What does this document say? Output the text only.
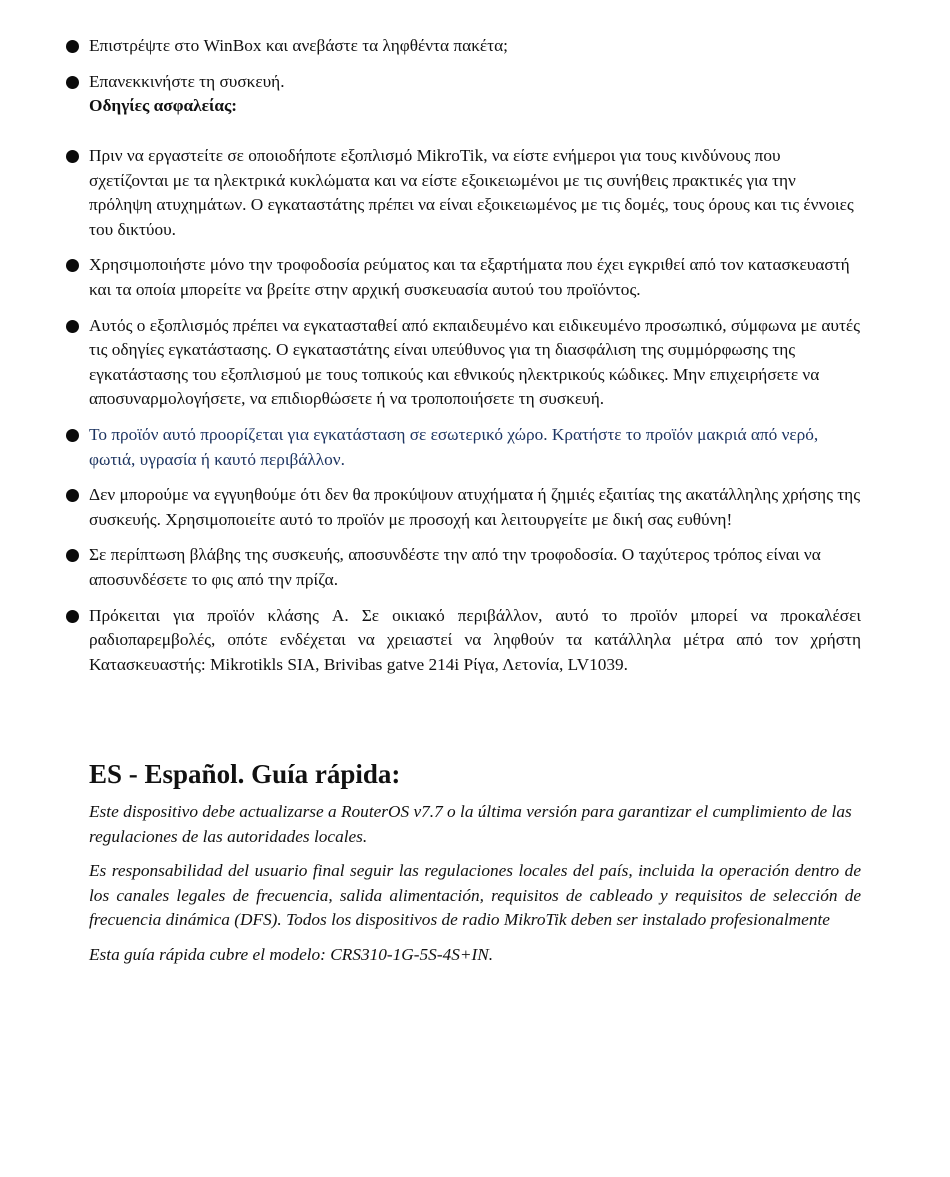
Επιστρέψτε στο WinBox και ανεβάστε τα ληφθέντα πακέτα;
Επανεκκινήστε τη συσκευή.
Οδηγίες ασφαλείας:
Πριν να εργαστείτε σε οποιοδήποτε εξοπλισμό MikroTik, να είστε ενήμεροι για τους κινδύνους που σχετίζονται με τα ηλεκτρικά κυκλώματα και να είστε εξοικειωμένοι με τις συνήθεις πρακτικές για την πρόληψη ατυχημάτων. Ο εγκαταστάτης πρέπει να είναι εξοικειωμένος με τις δομές, τους όρους και τις έννοιες του δικτύου.
Χρησιμοποιήστε μόνο την τροφοδοσία ρεύματος και τα εξαρτήματα που έχει εγκριθεί από τον κατασκευαστή και τα οποία μπορείτε να βρείτε στην αρχική συσκευασία αυτού του προϊόντος.
Αυτός ο εξοπλισμός πρέπει να εγκατασταθεί από εκπαιδευμένο και ειδικευμένο προσωπικό, σύμφωνα με αυτές τις οδηγίες εγκατάστασης. Ο εγκαταστάτης είναι υπεύθυνος για τη διασφάλιση της συμμόρφωσης της εγκατάστασης του εξοπλισμού με τους τοπικούς και εθνικούς ηλεκτρικούς κώδικες. Μην επιχειρήσετε να αποσυναρμολογήσετε, να επιδιορθώσετε ή να τροποποιήσετε τη συσκευή.
Το προϊόν αυτό προορίζεται για εγκατάσταση σε εσωτερικό χώρο. Κρατήστε το προϊόν μακριά από νερό, φωτιά, υγρασία ή καυτό περιβάλλον.
Δεν μπορούμε να εγγυηθούμε ότι δεν θα προκύψουν ατυχήματα ή ζημιές εξαιτίας της ακατάλληλης χρήσης της συσκευής. Χρησιμοποιείτε αυτό το προϊόν με προσοχή και λειτουργείτε με δική σας ευθύνη!
Σε περίπτωση βλάβης της συσκευής, αποσυνδέστε την από την τροφοδοσία. Ο ταχύτερος τρόπος είναι να αποσυνδέσετε το φις από την πρίζα.
Πρόκειται για προϊόν κλάσης A. Σε οικιακό περιβάλλον, αυτό το προϊόν μπορεί να προκαλέσει ραδιοπαρεμβολές, οπότε ενδέχεται να χρειαστεί να ληφθούν τα κατάλληλα μέτρα από τον χρήστη Κατασκευαστής: Mikrotikls SIA, Brivibas gatve 214i Ρίγα, Λετονία, LV1039.
ES - Español. Guía rápida:

Este dispositivo debe actualizarse a RouterOS v7.7 o la última versión para garantizar el cumplimiento de las regulaciones de las autoridades locales.

Es responsabilidad del usuario final seguir las regulaciones locales del país, incluida la operación dentro de los canales legales de frecuencia, salida alimentación, requisitos de cableado y requisitos de selección de frecuencia dinámica (DFS). Todos los dispositivos de radio MikroTik deben ser instalado profesionalmente

Esta guía rápida cubre el modelo: CRS310-1G-5S-4S+IN.
